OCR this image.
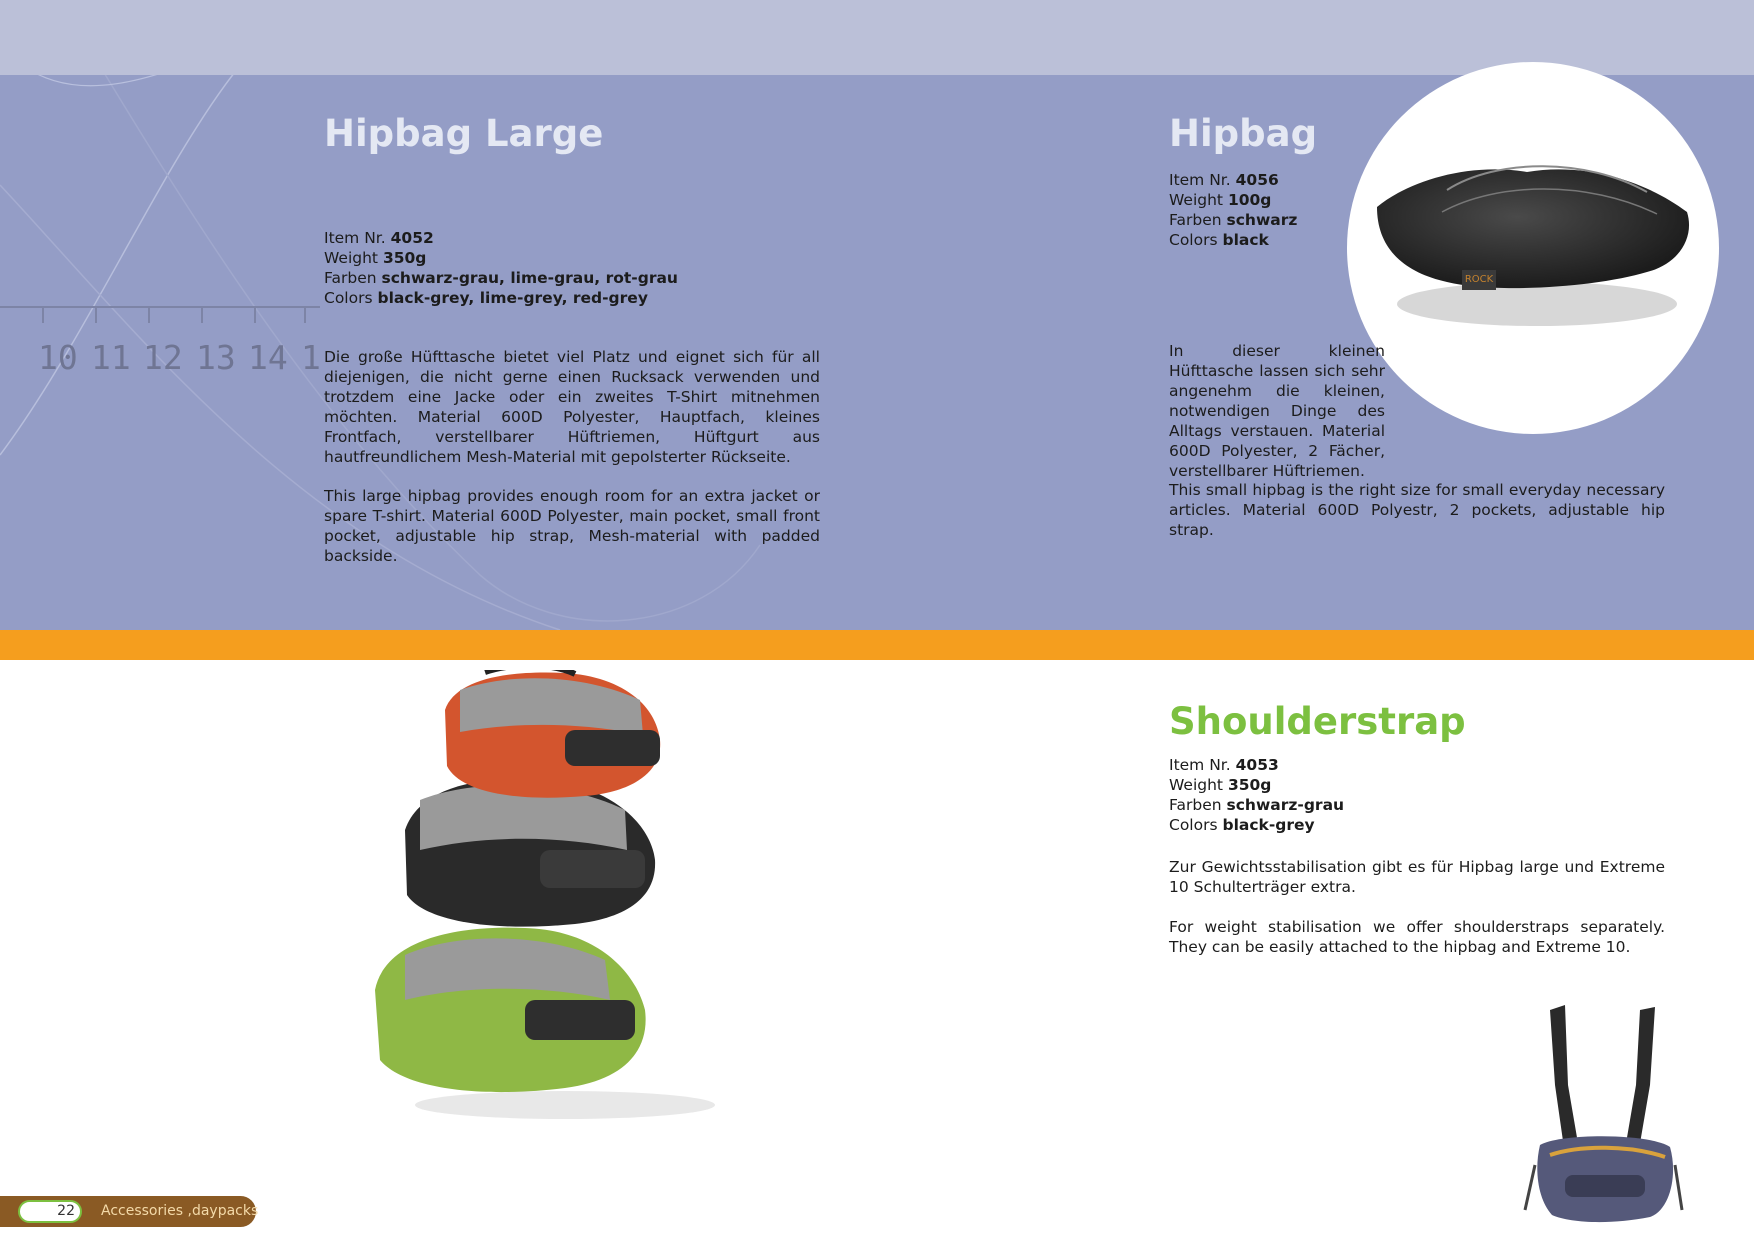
10 11 12 13 14 1
Hipbag Large
Item Nr. 4052
Weight 350g
Farben schwarz-grau, lime-grau, rot-grau
Colors black-grey, lime-grey, red-grey
Die große Hüfttasche bietet viel Platz und eignet sich für all diejenigen, die nicht gerne einen Rucksack verwenden und trotzdem eine Jacke oder ein zweites T-Shirt mitnehmen möchten. Material 600D Polyester, Hauptfach, kleines Frontfach, verstellbarer Hüftriemen, Hüftgurt aus hautfreundlichem Mesh-Material mit gepolsterter Rückseite.
This large hipbag provides enough room for an extra jacket or spare T-shirt. Material 600D Polyester, main pocket, small front pocket, adjustable hip strap, Mesh-material with padded backside.
ROCK
Hipbag
Item Nr. 4056
Weight 100g
Farben schwarz
Colors black
In dieser kleinen Hüfttasche lassen sich sehr angenehm die kleinen, notwendigen Dinge des Alltags verstauen. Material 600D Polyester, 2 Fächer, verstellbarer Hüftriemen.
This small hipbag is the right size for small everyday necessary articles. Material 600D Polyestr, 2 pockets, adjustable hip strap.
Shoulderstrap
Item Nr. 4053
Weight 350g
Farben schwarz-grau
Colors black-grey
Zur Gewichtsstabilisation gibt es für Hipbag large und Extreme 10 Schulterträger extra.
For weight stabilisation we offer shoulderstraps separately. They can be easily attached to the hipbag and Extreme 10.
22	Accessories ,daypacks
